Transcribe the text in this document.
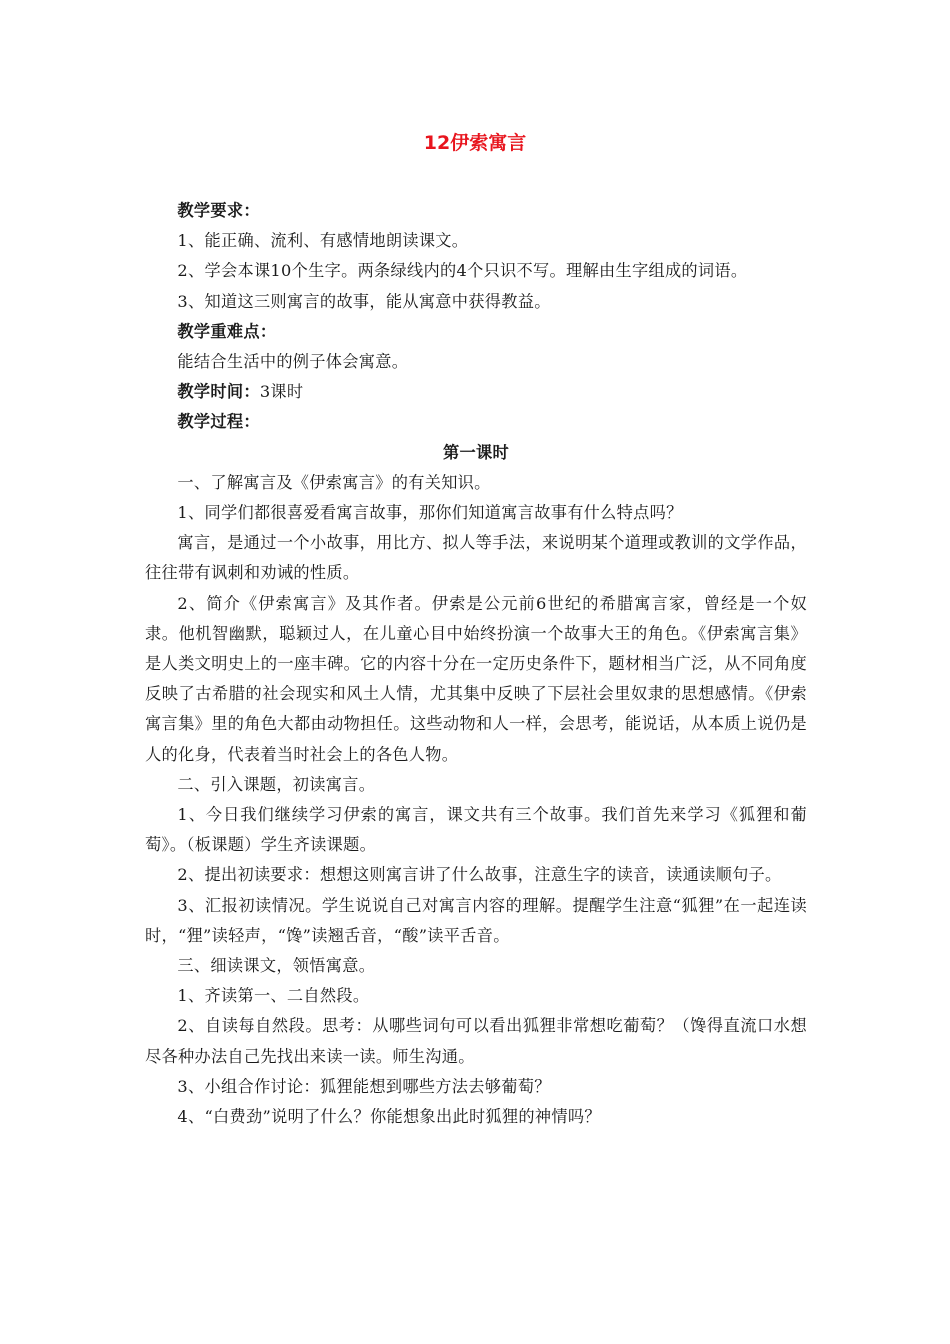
12伊索寓言

教学要求：

1、能正确、流利、有感情地朗读课文。

2、学会本课10个生字。两条绿线内的4个只识不写。理解由生字组成的词语。

3、知道这三则寓言的故事，能从寓意中获得教益。

教学重难点：

能结合生活中的例子体会寓意。

教学时间：3课时

教学过程：

第一课时

一、了解寓言及《伊索寓言》的有关知识。

1、同学们都很喜爱看寓言故事，那你们知道寓言故事有什么特点吗？

寓言，是通过一个小故事，用比方、拟人等手法，来说明某个道理或教训的文学作品，往往带有讽刺和劝诫的性质。

2、简介《伊索寓言》及其作者。伊索是公元前6世纪的希腊寓言家，曾经是一个奴隶。他机智幽默，聪颖过人，在儿童心目中始终扮演一个故事大王的角色。《伊索寓言集》是人类文明史上的一座丰碑。它的内容十分在一定历史条件下，题材相当广泛，从不同角度反映了古希腊的社会现实和风土人情，尤其集中反映了下层社会里奴隶的思想感情。《伊索寓言集》里的角色大都由动物担任。这些动物和人一样，会思考，能说话，从本质上说仍是人的化身，代表着当时社会上的各色人物。

二、引入课题，初读寓言。

1、今日我们继续学习伊索的寓言，课文共有三个故事。我们首先来学习《狐狸和葡萄》。（板课题）学生齐读课题。

2、提出初读要求：想想这则寓言讲了什么故事，注意生字的读音，读通读顺句子。

3、汇报初读情况。学生说说自己对寓言内容的理解。提醒学生注意“狐狸”在一起连读时，“狸”读轻声，“馋”读翘舌音，“酸”读平舌音。

三、细读课文，领悟寓意。

1、齐读第一、二自然段。

2、自读每自然段。思考：从哪些词句可以看出狐狸非常想吃葡萄？（馋得直流口水想尽各种办法自己先找出来读一读。师生沟通。

3、小组合作讨论：狐狸能想到哪些方法去够葡萄？

4、“白费劲”说明了什么？你能想象出此时狐狸的神情吗？
